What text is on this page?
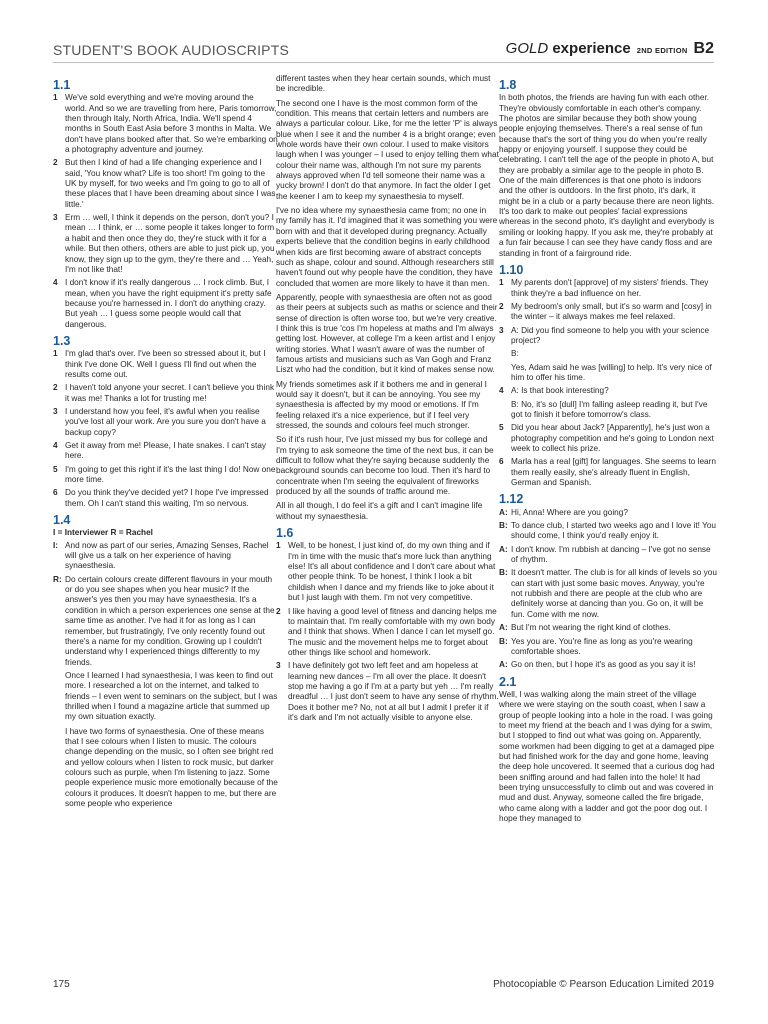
STUDENT'S BOOK AUDIOSCRIPTS	GOLD experience 2ND EDITION B2
1.1
1 We've sold everything and we're moving around the world. And so we are travelling from here, Paris tomorrow, then through Italy, North Africa, India. We'll spend 4 months in South East Asia before 3 months in Malta. We don't have plans booked after that. So we're embarking on a photography adventure and journey.
2 But then I kind of had a life changing experience and I said, 'You know what? Life is too short! I'm going to the UK by myself, for two weeks and I'm going to go to all of these places that I have been dreaming about since I was little.'
3 Erm … well, I think it depends on the person, don't you? I mean … I think, er … some people it takes longer to form a habit and then once they do, they're stuck with it for a while. But then others, others are able to just pick up, you know, they sign up to the gym, they're there and … Yeah, I'm not like that!
4 I don't know if it's really dangerous … I rock climb. But, I mean, when you have the right equipment it's pretty safe because you're harnessed in. I don't do anything crazy. But yeah … I guess some people would call that dangerous.
1.3
1 I'm glad that's over. I've been so stressed about it, but I think I've done OK. Well I guess I'll find out when the results come out.
2 I haven't told anyone your secret. I can't believe you think it was me! Thanks a lot for trusting me!
3 I understand how you feel, it's awful when you realise you've lost all your work. Are you sure you don't have a backup copy?
4 Get it away from me! Please, I hate snakes. I can't stay here.
5 I'm going to get this right if it's the last thing I do! Now one more time.
6 Do you think they've decided yet? I hope I've impressed them. Oh I can't stand this waiting, I'm so nervous.
1.4
I = Interviewer R = Rachel
I: And now as part of our series, Amazing Senses, Rachel will give us a talk on her experience of having synaesthesia.
R: Do certain colours create different flavours in your mouth or do you see shapes when you hear music? If the answer's yes then you may have synaesthesia. It's a condition in which a person experiences one sense at the same time as another. I've had it for as long as I can remember, but frustratingly, I've only recently found out there's a name for my condition. Growing up I couldn't understand why I experienced things differently to my friends.
Once I learned I had synaesthesia, I was keen to find out more. I researched a lot on the internet, and talked to friends – I even went to seminars on the subject, but I was thrilled when I found a magazine article that summed up my own situation exactly.
I have two forms of synaesthesia. One of these means that I see colours when I listen to music. The colours change depending on the music, so I often see bright red and yellow colours when I listen to rock music, but darker colours such as purple, when I'm listening to jazz. Some people experience music more emotionally because of the colours it produces. It doesn't happen to me, but there are some people who experience
different tastes when they hear certain sounds, which must be incredible.
The second one I have is the most common form of the condition. This means that certain letters and numbers are always a particular colour. Like, for me the letter 'P' is always blue when I see it and the number 4 is a bright orange; even whole words have their own colour. I used to make visitors laugh when I was younger – I used to enjoy telling them what colour their name was, although I'm not sure my parents always approved when I'd tell someone their name was a yucky brown! I don't do that anymore. In fact the older I get the keener I am to keep my synaesthesia to myself.
I've no idea where my synaesthesia came from; no one in my family has it. I'd imagined that it was something you were born with and that it developed during pregnancy. Actually experts believe that the condition begins in early childhood when kids are first becoming aware of abstract concepts such as shape, colour and sound. Although researchers still haven't found out why people have the condition, they have concluded that women are more likely to have it than men.
Apparently, people with synaesthesia are often not as good as their peers at subjects such as maths or science and their sense of direction is often worse too, but we're very creative. I think this is true 'cos I'm hopeless at maths and I'm always getting lost. However, at college I'm a keen artist and I enjoy writing stories. What I wasn't aware of was the number of famous artists and musicians such as Van Gogh and Franz Liszt who had the condition, but it kind of makes sense now.
My friends sometimes ask if it bothers me and in general I would say it doesn't, but it can be annoying. You see my synaesthesia is affected by my mood or emotions. If I'm feeling relaxed it's a nice experience, but if I feel very stressed, the sounds and colours feel much stronger.
So if it's rush hour, I've just missed my bus for college and I'm trying to ask someone the time of the next bus, it can be difficult to follow what they're saying because suddenly the background sounds can become too loud. Then it's hard to concentrate when I'm seeing the equivalent of fireworks produced by all the sounds of traffic around me.
All in all though, I do feel it's a gift and I can't imagine life without my synaesthesia.
1.6
1 Well, to be honest, I just kind of, do my own thing and if I'm in time with the music that's more luck than anything else! It's all about confidence and I don't care about what other people think. To be honest, I think I look a bit childish when I dance and my friends like to joke about it but I just laugh with them. I'm not very competitive.
2 I like having a good level of fitness and dancing helps me to maintain that. I'm really comfortable with my own body and I think that shows. When I dance I can let myself go. The music and the movement helps me to forget about other things like school and homework.
3 I have definitely got two left feet and am hopeless at learning new dances – I'm all over the place. It doesn't stop me having a go if I'm at a party but yeh … I'm really dreadful … I just don't seem to have any sense of rhythm. Does it bother me? No, not at all but I admit I prefer it if it's dark and I'm not actually visible to anyone else.
1.8
In both photos, the friends are having fun with each other. They're obviously comfortable in each other's company. The photos are similar because they both show young people enjoying themselves. There's a real sense of fun because that's the sort of thing you do when you're really happy or enjoying yourself. I suppose they could be celebrating. I can't tell the age of the people in photo A, but they are probably a similar age to the people in photo B. One of the main differences is that one photo is indoors and the other is outdoors. In the first photo, it's dark, it might be in a club or a party because there are neon lights. It's too dark to make out peoples' facial expressions whereas in the second photo, it's daylight and everybody is smiling or looking happy. If you ask me, they're probably at a fun fair because I can see they have candy floss and are standing in front of a fairground ride.
1.10
1 My parents don't [approve] of my sisters' friends. They think they're a bad influence on her.
2 My bedroom's only small, but it's so warm and [cosy] in the winter – it always makes me feel relaxed.
3 A: Did you find someone to help you with your science project?
B:
Yes, Adam said he was [willing] to help. It's very nice of him to offer his time.
4 A: Is that book interesting?
B: No, it's so [dull] I'm falling asleep reading it, but I've got to finish it before tomorrow's class.
5 Did you hear about Jack? [Apparently], he's just won a photography competition and he's going to London next week to collect his prize.
6 Marla has a real [gift] for languages. She seems to learn them really easily, she's already fluent in English, German and Spanish.
1.12
A: Hi, Anna! Where are you going?
B: To dance club, I started two weeks ago and I love it! You should come, I think you'd really enjoy it.
A: I don't know. I'm rubbish at dancing – I've got no sense of rhythm.
B: It doesn't matter. The club is for all kinds of levels so you can start with just some basic moves. Anyway, you're not rubbish and there are people at the club who are definitely worse at dancing than you. Go on, it will be fun. Come with me now.
A: But I'm not wearing the right kind of clothes.
B: Yes you are. You're fine as long as you're wearing comfortable shoes.
A: Go on then, but I hope it's as good as you say it is!
2.1
Well, I was walking along the main street of the village where we were staying on the south coast, when I saw a group of people looking into a hole in the road. I was going to meet my friend at the beach and I was dying for a swim, but I stopped to find out what was going on. Apparently, some workmen had been digging to get at a damaged pipe but had finished work for the day and gone home, leaving the deep hole uncovered. It seemed that a curious dog had been sniffing around and had fallen into the hole! It had been trying unsuccessfully to climb out and was covered in mud and dust. Anyway, someone called the fire brigade, who came along with a ladder and got the poor dog out. I hope they managed to
175	Photocopiable © Pearson Education Limited 2019
